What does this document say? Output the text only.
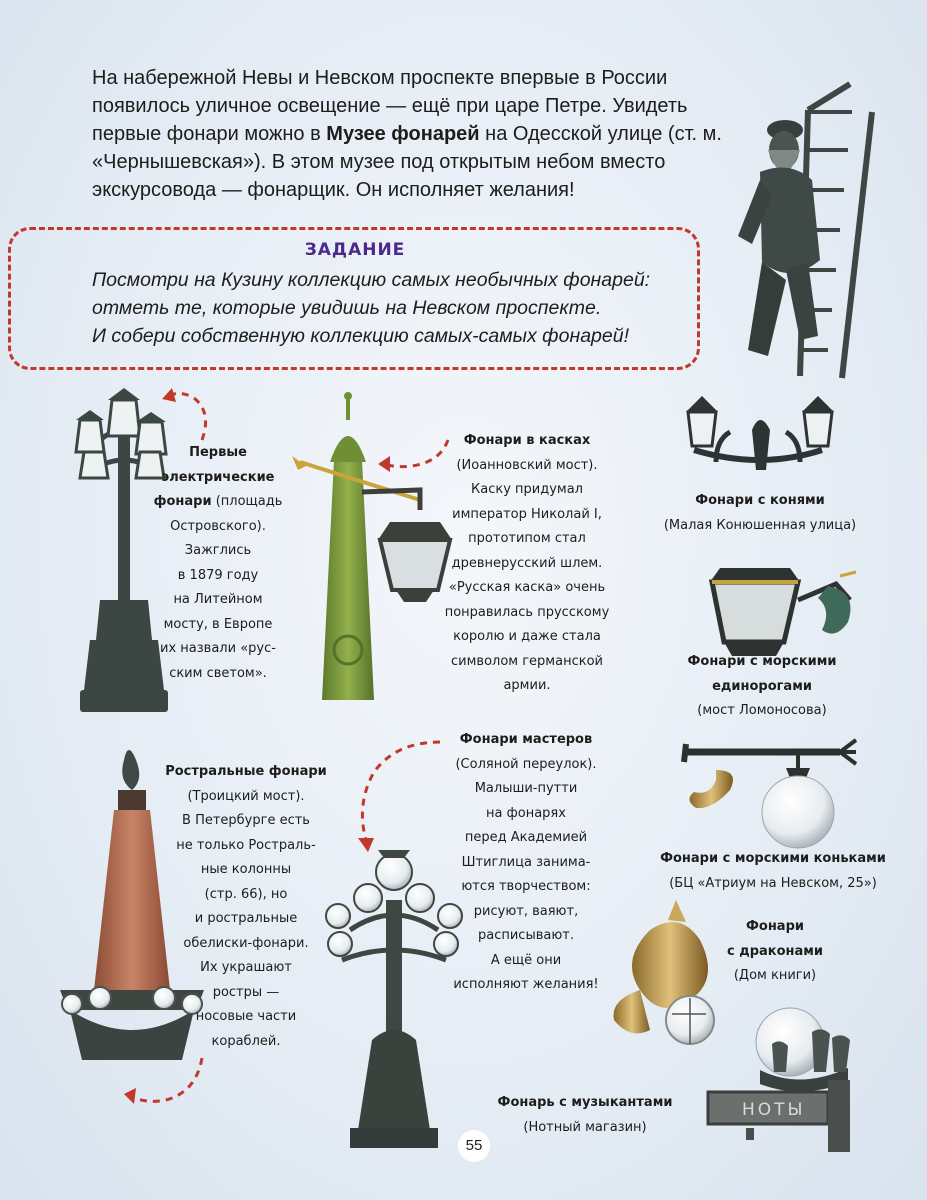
НОТЫ
На набережной Невы и Невском проспекте впервые в России появилось уличное освещение — ещё при царе Петре. Увидеть первые фонари можно в Музее фонарей на Одесской улице (ст. м. «Чернышевская»). В этом музее под открытым небом вместо экскурсовода — фонарщик. Он исполняет желания!
ЗАДАНИЕ
Посмотри на Кузину коллекцию самых необычных фонарей:
отметь те, которые увидишь на Невском проспекте.
И собери собственную коллекцию самых-самых фонарей!
Первые
электрические
фонари (площадь
Островского).
Зажглись
в 1879 году
на Литейном
мосту, в Европе
их назвали «рус-
ским светом».
Фонари в касках
(Иоанновский мост).
Каску придумал
император Николай I,
прототипом стал
древнерусский шлем.
«Русская каска» очень
понравилась прусскому
королю и даже стала
символом германской
армии.
Фонари с конями
(Малая Конюшенная улица)
Фонари с морскими
единорогами
(мост Ломоносова)
Ростральные фонари
(Троицкий мост).
В Петербурге есть
не только Ростраль-
ные колонны
(стр. 66), но
и ростральные
обелиски-фонари.
Их украшают
ростры —
носовые части
кораблей.
Фонари мастеров
(Соляной переулок).
Малыши-путти
на фонарях
перед Академией
Штиглица занима-
ются творчеством:
рисуют, ваяют,
расписывают.
А ещё они
исполняют желания!
Фонари с морскими коньками
(БЦ «Атриум на Невском, 25»)
Фонари
с драконами
(Дом книги)
Фонарь с музыкантами
(Нотный магазин)
55
